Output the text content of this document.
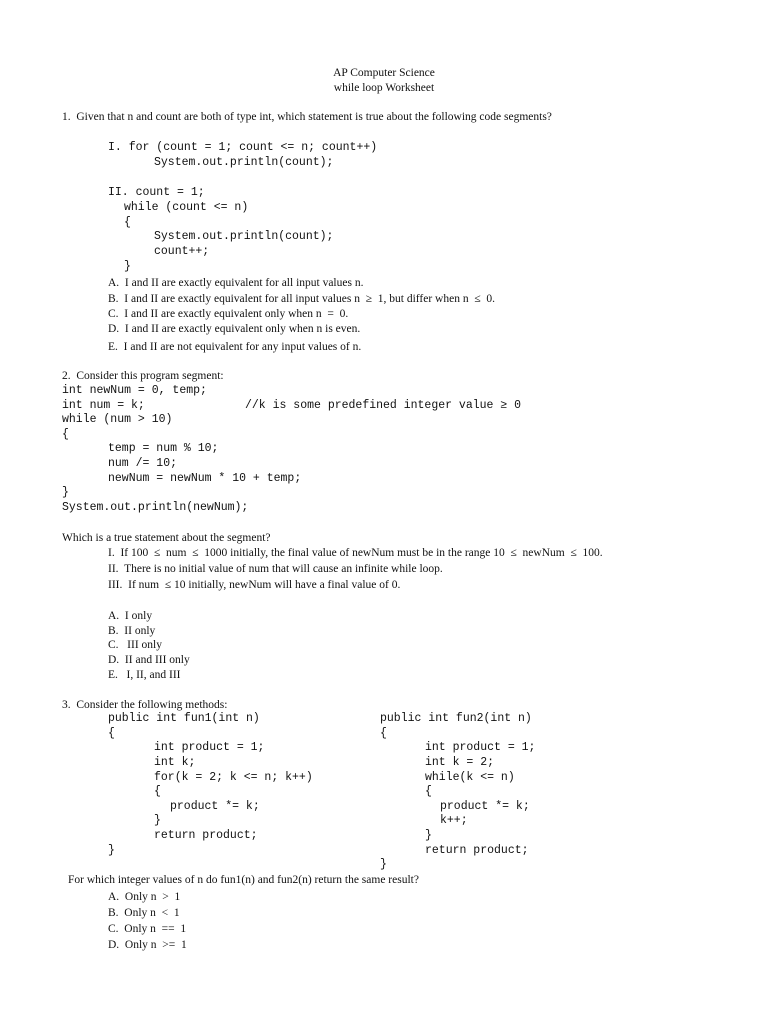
AP Computer Science
while loop Worksheet
1.  Given that n and count are both of type int, which statement is true about the following code segments?
I. for (count = 1; count <= n; count++)
System.out.println(count);
II. count = 1;
while (count <= n)
{
System.out.println(count);
count++;
}
A.  I and II are exactly equivalent for all input values n.
B.  I and II are exactly equivalent for all input values n  ≥  1, but differ when n  ≤  0.
C.  I and II are exactly equivalent only when n  =  0.
D.  I and II are exactly equivalent only when n is even.
E.  I and II are not equivalent for any input values of n.
2.  Consider this program segment:
int newNum = 0, temp;
int num = k;	//k is some predefined integer value ≥ 0
while (num > 10)
{
temp = num % 10;
num /= 10;
newNum = newNum * 10 + temp;
}
System.out.println(newNum);
Which is a true statement about the segment?
I.  If 100  ≤  num  ≤  1000 initially, the final value of newNum must be in the range 10  ≤  newNum  ≤  100.
II.  There is no initial value of num that will cause an infinite while loop.
III.  If num  ≤ 10 initially, newNum will have a final value of 0.
A.  I only
B.  II only
C.   III only
D.  II and III only
E.   I, II, and III
3.  Consider the following methods:
public int fun1(int n)
{
int product = 1;
int k;
for(k = 2; k <= n; k++)
{
product *= k;
}
return product;
}
public int fun2(int n)
{
int product = 1;
int k = 2;
while(k <= n)
{
product *= k;
k++;
}
return product;
}
For which integer values of n do fun1(n) and fun2(n) return the same result?
A.  Only n  >  1
B.  Only n  <  1
C.  Only n  ==  1
D.  Only n  >=  1
